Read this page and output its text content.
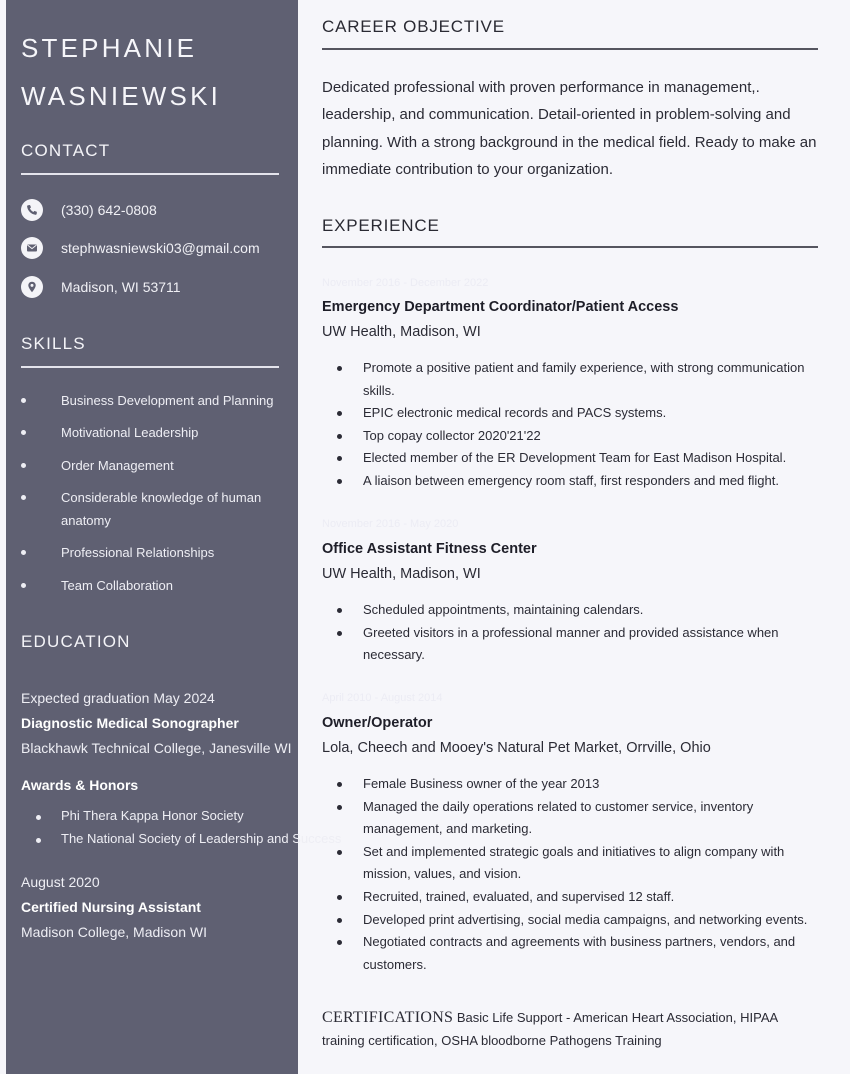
STEPHANIE
WASNIEWSKI
CONTACT
(330) 642-0808
stephwasniewski03@gmail.com
Madison, WI 53711
SKILLS
Business Development and Planning
Motivational Leadership
Order Management
Considerable knowledge of human anatomy
Professional Relationships
Team Collaboration
EDUCATION
Expected graduation May 2024
Diagnostic Medical Sonographer
Blackhawk Technical College, Janesville WI
Awards & Honors
Phi Thera Kappa Honor Society
The National Society of Leadership and Success
August 2020
Certified Nursing Assistant
Madison College, Madison WI
CAREER OBJECTIVE

Dedicated professional with proven performance in management,. leadership, and communication. Detail-oriented in problem-solving and planning. With a strong background in the medical field. Ready to make an immediate contribution to your organization.

EXPERIENCE
November 2016 - December 2022
Emergency Department Coordinator/Patient Access
UW Health, Madison, WI
Promote a positive patient and family experience, with strong communication skills.
EPIC electronic medical records and PACS systems.
Top copay collector 2020'21'22
Elected member of the ER Development Team for East Madison Hospital.
A liaison between emergency room staff, first responders and med flight.
November 2016 - May 2020
Office Assistant Fitness Center
UW Health, Madison, WI
Scheduled appointments, maintaining calendars.
Greeted visitors in a professional manner and provided assistance when necessary.
April 2010 - August 2014
Owner/Operator
Lola, Cheech and Mooey's Natural Pet Market, Orrville, Ohio
Female Business owner of the year 2013
Managed the daily operations related to customer service, inventory management, and marketing.
Set and implemented strategic goals and initiatives to align company with mission, values, and vision.
Recruited, trained, evaluated, and supervised 12 staff.
Developed print advertising, social media campaigns, and networking events.
Negotiated contracts and agreements with business partners, vendors, and customers.

CERTIFICATIONS Basic Life Support - American Heart Association, HIPAA training certification, OSHA bloodborne Pathogens Training
